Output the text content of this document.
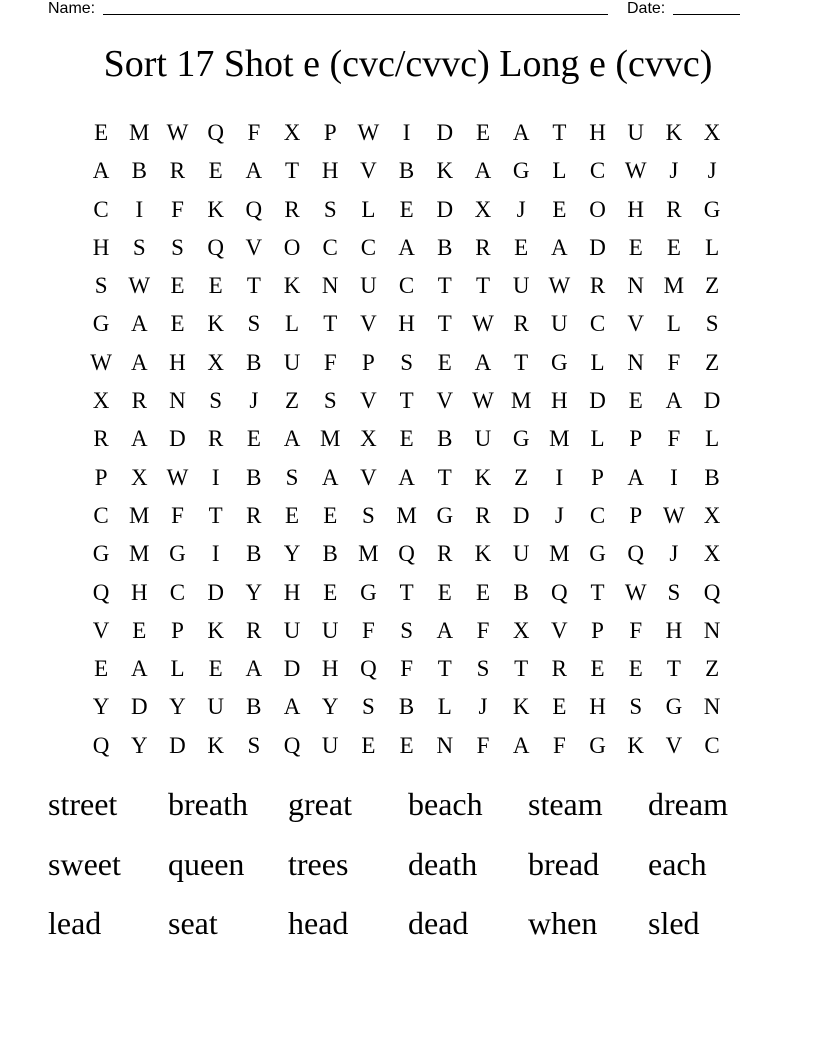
Name:	Date:
Sort 17 Shot e (cvc/cvvc) Long e (cvvc)
E M W Q	F	X	P W	I	D E A T H U K X
A B R	E A T H V B K A G L	C W J	J
C	I	F	K Q R	S	L	E D X	J	E O H R G
H	S	S	Q V O C C A B R	E A D E	E	L
S W E	E	T K N U C	T	T U W R N M Z
G A E K	S	L	T V H T W R U C V L	S
W A H X B U	F	P	S	E A T G L N	F	Z
X R N	S	J	Z	S	V T V W M H D E A D
R A D R	E A M X E	B U G M L	P	F	L
P	X W	I	B	S	A V A T K Z	I	P	A	I	B
C M F	T	R	E	E	S M G R D	J	C	P W X
G M G	I	B Y B M Q R K U M G Q	J	X
Q H C D Y H E G T	E	E	B Q T W S	Q
V E	P	K R U U	F	S	A	F	X V	P	F	H N
E A L	E A D H Q	F	T	S	T	R	E	E	T	Z
Y D Y U B A Y	S	B	L	J	K E H	S	G N
Q Y D K	S	Q U E	E N	F	A	F	G K V C
street	breath	great	beach	steam	dream
sweet	queen	trees	death	bread	each
lead	seat	head	dead	when	sled
